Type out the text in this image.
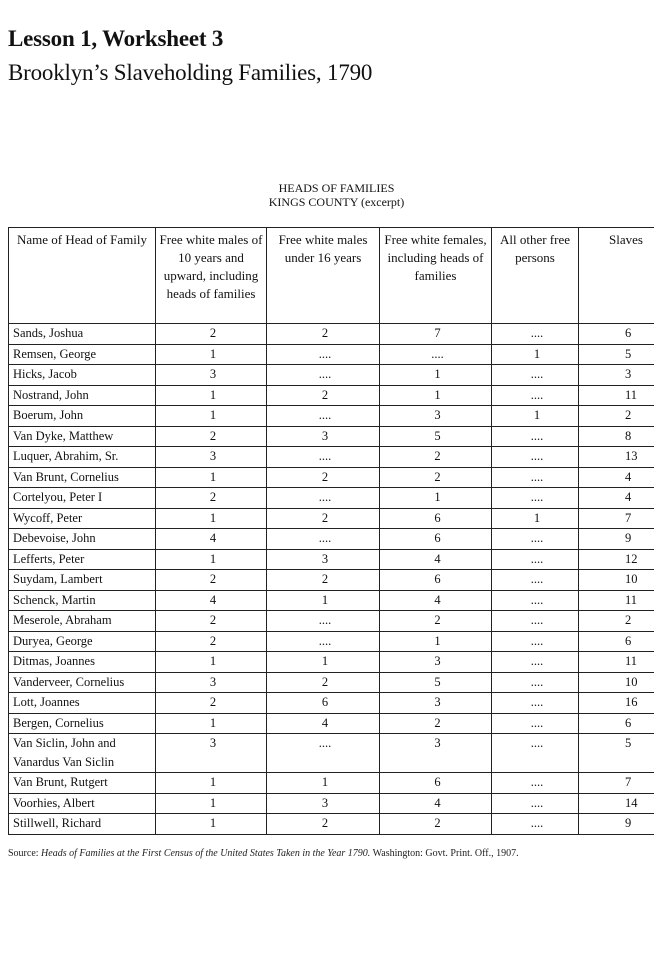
Lesson 1, Worksheet 3
Brooklyn’s Slaveholding Families, 1790
HEADS OF FAMILIES
KINGS COUNTY (excerpt)
Name of Head of Family	Free white males of 10 years and upward, including heads of families	Free white males under 16 years	Free white females, including heads of families	All other free persons	Slaves
Sands, Joshua	2	2	7	....	6
Remsen, George	1	....	....	1	5
Hicks, Jacob	3	....	1	....	3
Nostrand, John	1	2	1	....	11
Boerum, John	1	....	3	1	2
Van Dyke, Matthew	2	3	5	....	8
Luquer, Abrahim, Sr.	3	....	2	....	13
Van Brunt, Cornelius	1	2	2	....	4
Cortelyou, Peter I	2	....	1	....	4
Wycoff, Peter	1	2	6	1	7
Debevoise, John	4	....	6	....	9
Lefferts, Peter	1	3	4	....	12
Suydam, Lambert	2	2	6	....	10
Schenck, Martin	4	1	4	....	11
Meserole, Abraham	2	....	2	....	2
Duryea, George	2	....	1	....	6
Ditmas, Joannes	1	1	3	....	11
Vanderveer, Cornelius	3	2	5	....	10
Lott, Joannes	2	6	3	....	16
Bergen, Cornelius	1	4	2	....	6
Van Siclin, John and Vanardus Van Siclin	3	....	3	....	5
Van Brunt, Rutgert	1	1	6	....	7
Voorhies, Albert	1	3	4	....	14
Stillwell, Richard	1	2	2	....	9
Source: Heads of Families at the First Census of the United States Taken in the Year 1790. Washington: Govt. Print. Off., 1907.
